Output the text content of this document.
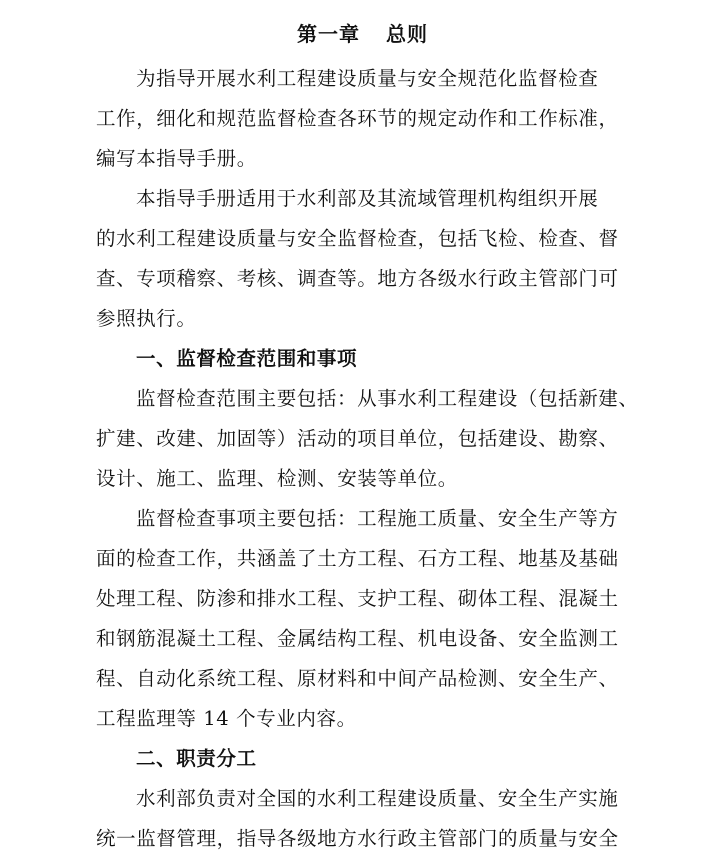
第一章 总则

为指导开展水利工程建设质量与安全规范化监督检查
工作，细化和规范监督检查各环节的规定动作和工作标准，
编写本指导手册。

本指导手册适用于水利部及其流域管理机构组织开展
的水利工程建设质量与安全监督检查，包括飞检、检查、督
查、专项稽察、考核、调查等。地方各级水行政主管部门可
参照执行。

一、监督检查范围和事项

监督检查范围主要包括：从事水利工程建设（包括新建、
扩建、改建、加固等）活动的项目单位，包括建设、勘察、
设计、施工、监理、检测、安装等单位。

监督检查事项主要包括：工程施工质量、安全生产等方
面的检查工作，共涵盖了土方工程、石方工程、地基及基础
处理工程、防渗和排水工程、支护工程、砌体工程、混凝土
和钢筋混凝土工程、金属结构工程、机电设备、安全监测工
程、自动化系统工程、原材料和中间产品检测、安全生产、
工程监理等 14 个专业内容。

二、职责分工

水利部负责对全国的水利工程建设质量、安全生产实施
统一监督管理，指导各级地方水行政主管部门的质量与安全
